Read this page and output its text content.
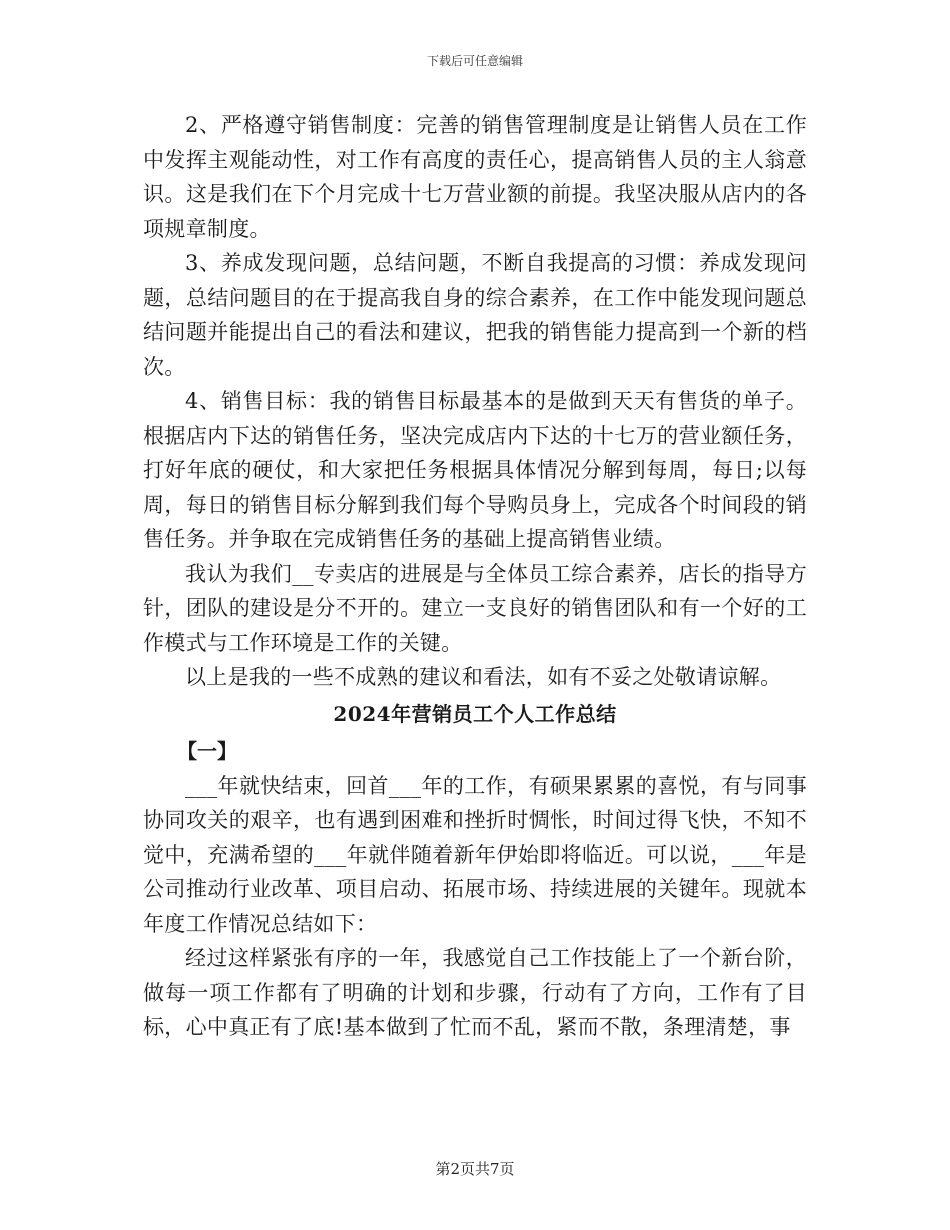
下载后可任意编辑

2、严格遵守销售制度：完善的销售管理制度是让销售人员在工作中发挥主观能动性，对工作有高度的责任心，提高销售人员的主人翁意识。这是我们在下个月完成十七万营业额的前提。我坚决服从店内的各项规章制度。

3、养成发现问题，总结问题，不断自我提高的习惯：养成发现问题，总结问题目的在于提高我自身的综合素养，在工作中能发现问题总结问题并能提出自己的看法和建议，把我的销售能力提高到一个新的档次。

4、销售目标：我的销售目标最基本的是做到天天有售货的单子。根据店内下达的销售任务，坚决完成店内下达的十七万的营业额任务，打好年底的硬仗，和大家把任务根据具体情况分解到每周，每日;以每周，每日的销售目标分解到我们每个导购员身上，完成各个时间段的销售任务。并争取在完成销售任务的基础上提高销售业绩。

我认为我们__专卖店的进展是与全体员工综合素养，店长的指导方针，团队的建设是分不开的。建立一支良好的销售团队和有一个好的工作模式与工作环境是工作的关键。

以上是我的一些不成熟的建议和看法，如有不妥之处敬请谅解。

2024年营销员工个人工作总结

【一】

___年就快结束，回首___年的工作，有硕果累累的喜悦，有与同事协同攻关的艰辛，也有遇到困难和挫折时惆怅，时间过得飞快，不知不觉中，充满希望的___年就伴随着新年伊始即将临近。可以说，___年是公司推动行业改革、项目启动、拓展市场、持续进展的关键年。现就本年度工作情况总结如下：

经过这样紧张有序的一年，我感觉自己工作技能上了一个新台阶，做每一项工作都有了明确的计划和步骤，行动有了方向，工作有了目标，心中真正有了底!基本做到了忙而不乱，紧而不散，条理清楚，事

第2页共7页
